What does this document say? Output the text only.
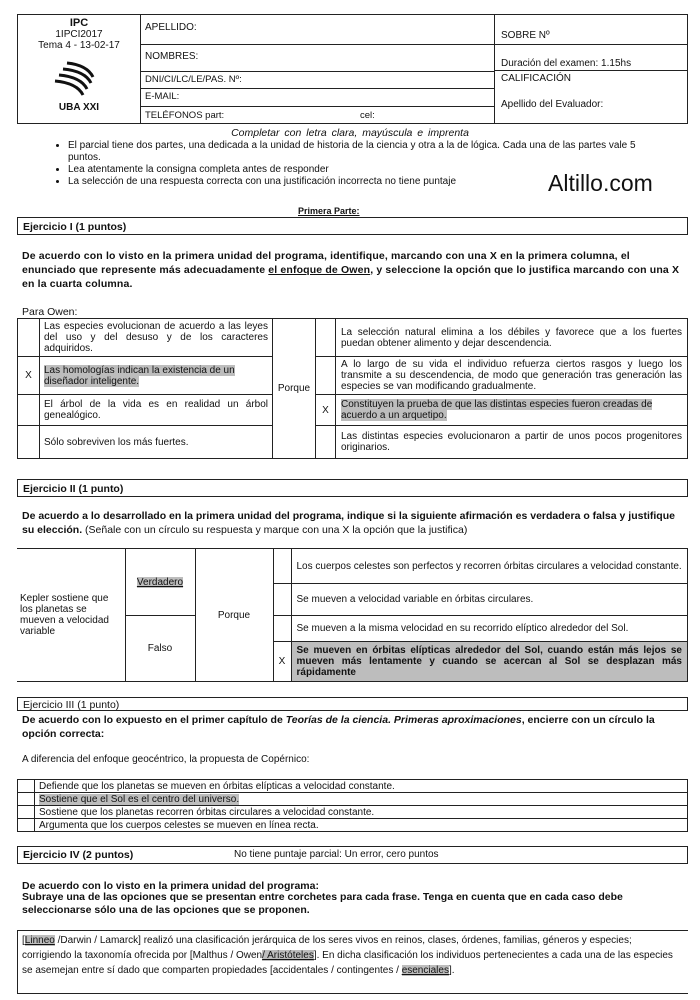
IPC
1IPCI2017
Tema 4 - 13-02-17
UBA XXI
APELLIDO:
NOMBRES:
DNI/CI/LC/LE/PAS. Nº:
E-MAIL:
TELÉFONOS part:	cel:
SOBRE Nº
Duración del examen: 1.15hs
CALIFICACIÓN
Apellido del Evaluador:
Completar con letra clara, mayúscula e imprenta
• El parcial tiene dos partes, una dedicada a la unidad de historia de la ciencia y otra a la de lógica. Cada una de las partes vale 5 puntos.
• Lea atentamente la consigna completa antes de responder
• La selección de una respuesta correcta con una justificación incorrecta no tiene puntaje	Altillo.com
Primera Parte:
Ejercicio I (1 puntos)

De acuerdo con lo visto en la primera unidad del programa, identifique, marcando con una X en la primera columna, el enunciado que represente más adecuadamente el enfoque de Owen, y seleccione la opción que lo justifica marcando con una X en la cuarta columna.

Para Owen:
	Las especies evolucionan de acuerdo a las leyes del uso y del desuso y de los caracteres adquiridos.	Porque		La selección natural elimina a los débiles y favorece que a los fuertes puedan obtener alimento y dejar descendencia.
X	Las homologías indican la existencia de un diseñador inteligente.			A lo largo de su vida el individuo refuerza ciertos rasgos y luego los transmite a su descendencia, de modo que generación tras generación las especies se van modificando gradualmente.
	El árbol de la vida es en realidad un árbol genealógico.		X	Constituyen la prueba de que las distintas especies fueron creadas de acuerdo a un arquetipo.
	Sólo sobreviven los más fuertes.			Las distintas especies evolucionaron a partir de unos pocos progenitores originarios.
Ejercicio II (1 punto)

De acuerdo a lo desarrollado en la primera unidad del programa, indique si la siguiente afirmación es verdadera o falsa y justifique su elección. (Señale con un círculo su respuesta y marque con una X la opción que la justifica)

Kepler sostiene que los planetas se mueven a velocidad variable	Verdadero	Porque		Los cuerpos celestes son perfectos y recorren órbitas circulares a velocidad constante.
				Se mueven a velocidad variable en órbitas circulares.
	Falso			Se mueven a la misma velocidad en su recorrido elíptico alrededor del Sol.
			X	Se mueven en órbitas elípticas alrededor del Sol, cuando están más lejos se mueven más lentamente y cuando se acercan al Sol se desplazan más rápidamente
Ejercicio III (1 punto)

De acuerdo con lo expuesto en el primer capítulo de Teorías de la ciencia. Primeras aproximaciones, encierre con un círculo la opción correcta:

A diferencia del enfoque geocéntrico, la propuesta de Copérnico:
	Defiende que los planetas se mueven en órbitas elípticas a velocidad constante.
	Sostiene que el Sol es el centro del universo.
	Sostiene que los planetas recorren órbitas circulares a velocidad constante.
	Argumenta que los cuerpos celestes se mueven en línea recta.
Ejercicio IV (2 puntos)	No tiene puntaje parcial: Un error, cero puntos

De acuerdo con lo visto en la primera unidad del programa:

Subraye una de las opciones que se presentan entre corchetes para cada frase. Tenga en cuenta que en cada caso debe seleccionarse sólo una de las opciones que se proponen.

[Linneo /Darwin / Lamarck] realizó una clasificación jerárquica de los seres vivos en reinos, clases, órdenes, familias, géneros y especies; corrigiendo la taxonomía ofrecida por [Malthus / Owen/ Aristóteles]. En dicha clasificación los individuos pertenecientes a cada una de las especies se asemejan entre sí dado que comparten propiedades [accidentales / contingentes / esenciales].
